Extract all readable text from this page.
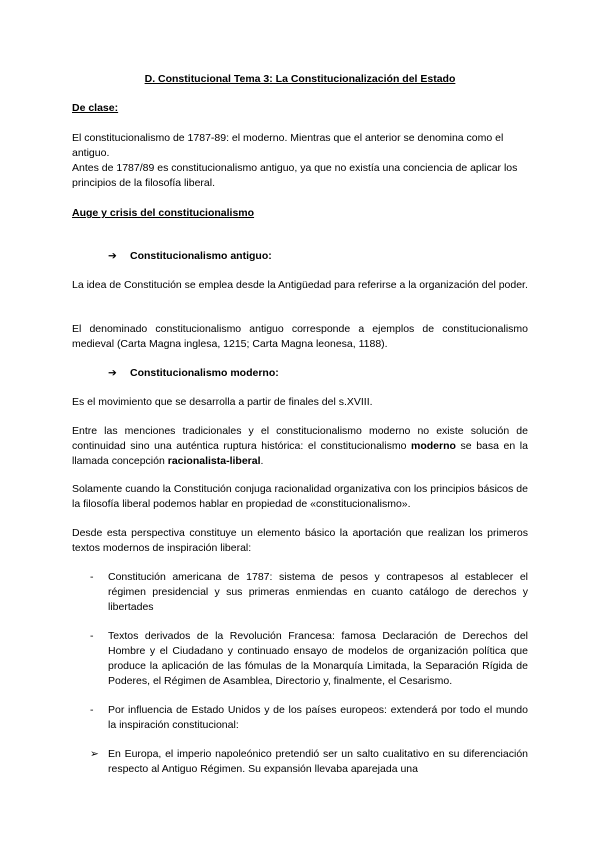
D. Constitucional Tema 3: La Constitucionalización del Estado
De clase:

El constitucionalismo de 1787-89: el moderno. Mientras que el anterior se denomina como el antiguo.

Antes de 1787/89 es constitucionalismo antiguo, ya que no existía una conciencia de aplicar los principios de la filosofía liberal.

Auge y crisis del constitucionalismo
➔ Constitucionalismo antiguo:

La idea de Constitución se emplea desde la Antigüedad para referirse a la organización del poder.

El denominado constitucionalismo antiguo corresponde a ejemplos de constitucionalismo medieval (Carta Magna inglesa, 1215; Carta Magna leonesa, 1188).

➔ Constitucionalismo moderno:

Es el movimiento que se desarrolla a partir de finales del s.XVIII.

Entre las menciones tradicionales y el constitucionalismo moderno no existe solución de continuidad sino una auténtica ruptura histórica: el constitucionalismo moderno se basa en la llamada concepción racionalista-liberal.

Solamente cuando la Constitución conjuga racionalidad organizativa con los principios básicos de la filosofía liberal podemos hablar en propiedad de «constitucionalismo».

Desde esta perspectiva constituye un elemento básico la aportación que realizan los primeros textos modernos de inspiración liberal:

-	Constitución americana de 1787: sistema de pesos y contrapesos al establecer el régimen presidencial y sus primeras enmiendas en cuanto catálogo de derechos y libertades
-	Textos derivados de la Revolución Francesa: famosa Declaración de Derechos del Hombre y el Ciudadano y continuado ensayo de modelos de organización política que produce la aplicación de las fómulas de la Monarquía Limitada, la Separación Rígida de Poderes, el Régimen de Asamblea, Directorio y, finalmente, el Cesarismo.
-	Por influencia de Estado Unidos y de los países europeos: extenderá por todo el mundo la inspiración constitucional:
➢ En Europa, el imperio napoleónico pretendió ser un salto cualitativo en su diferenciación respecto al Antiguo Régimen. Su expansión llevaba aparejada una
